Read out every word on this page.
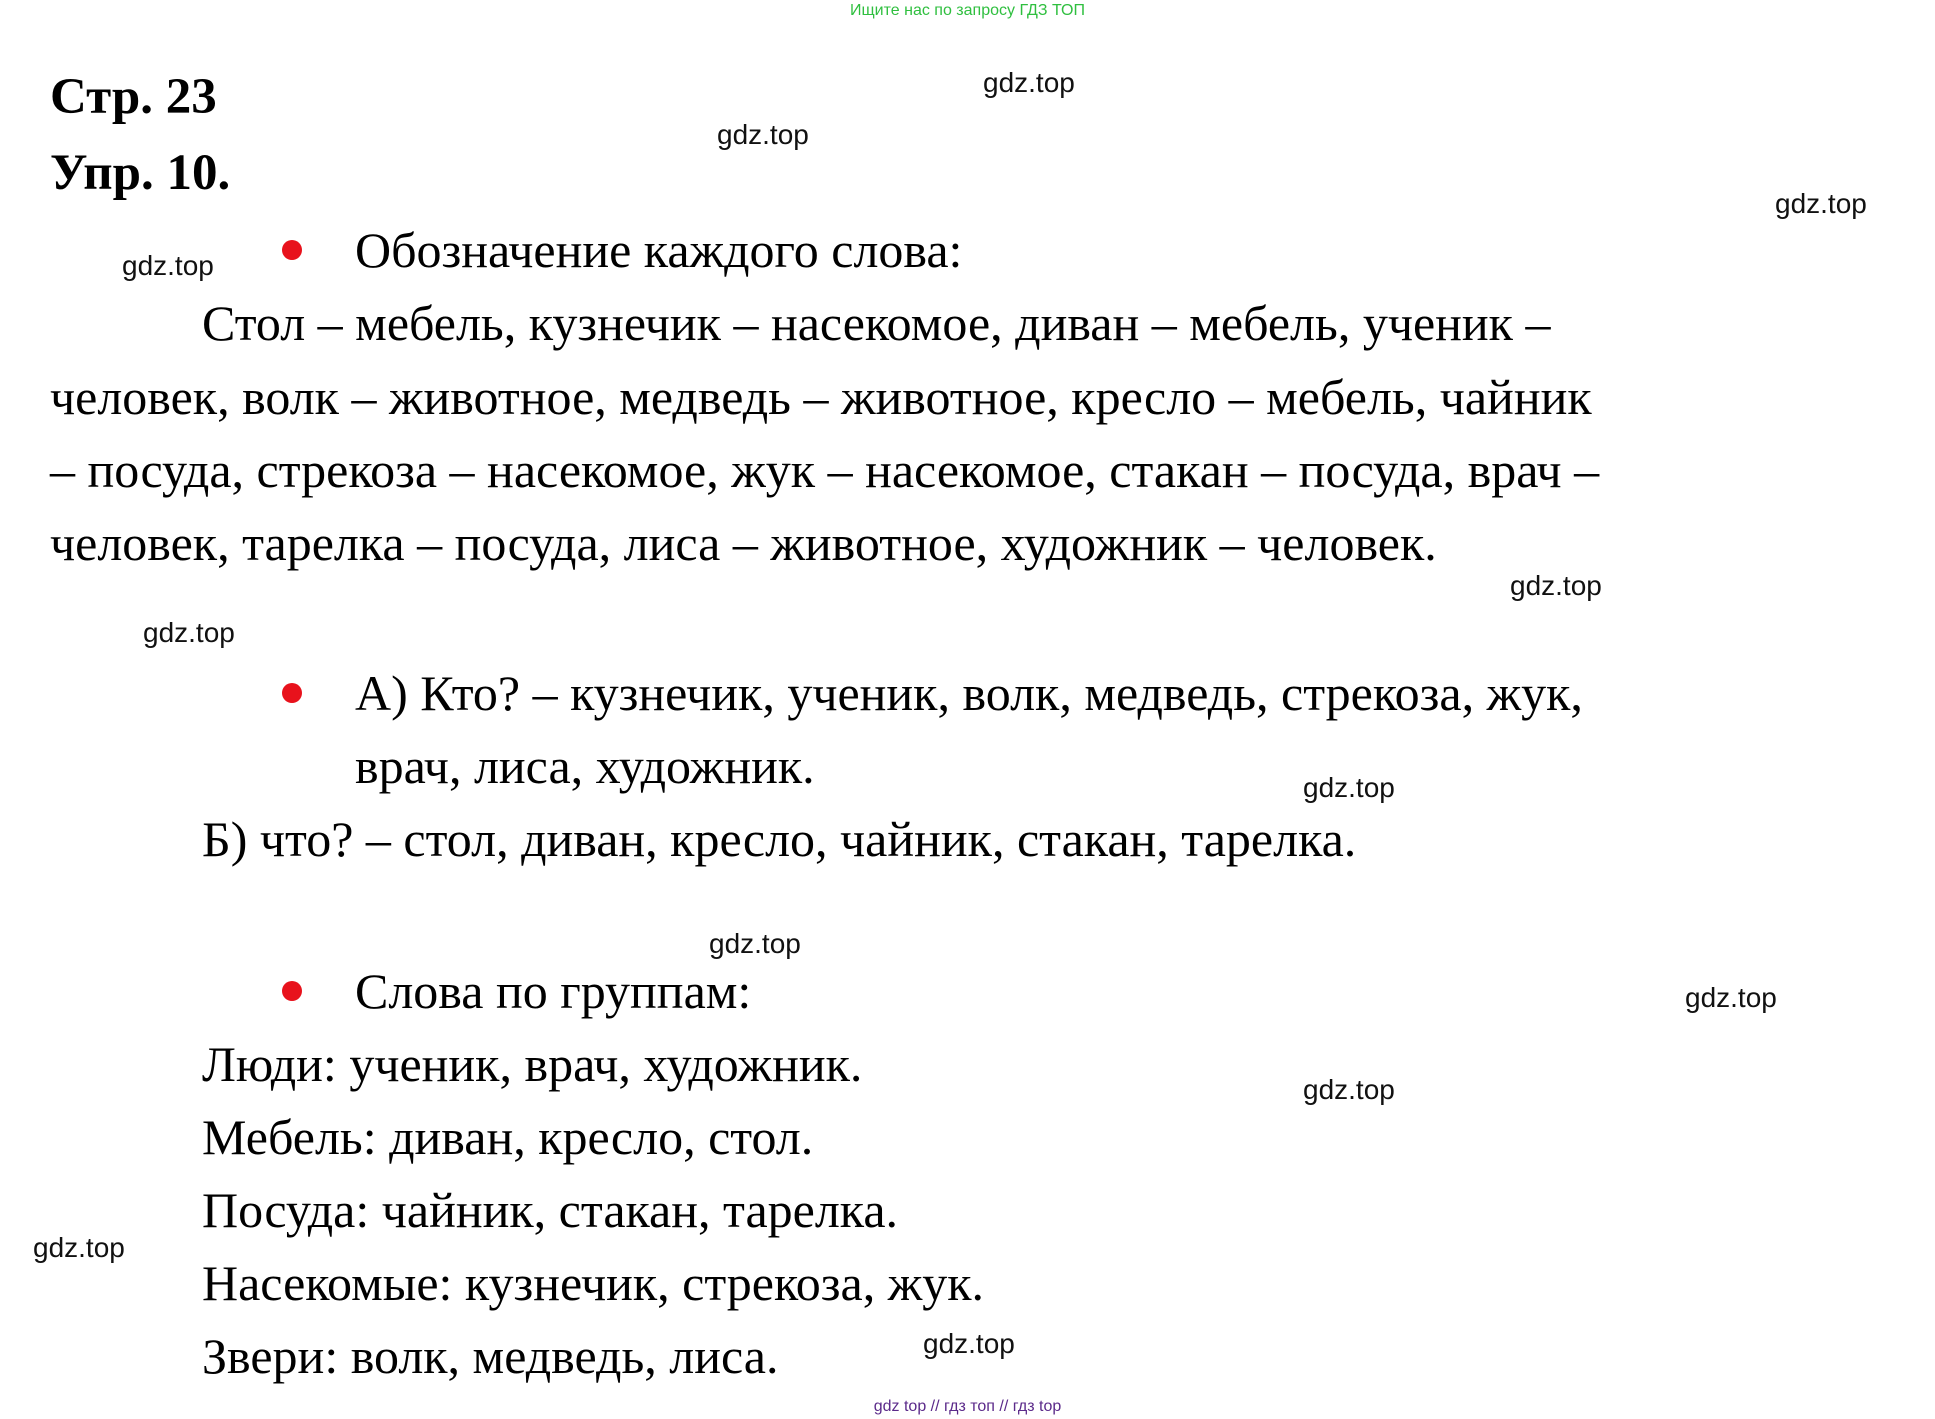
Ищите нас по запросу ГДЗ ТОП
Стр. 23
Упр. 10.
Обозначение каждого слова:
Стол – мебель, кузнечик – насекомое, диван – мебель, ученик –
человек, волк – животное, медведь – животное, кресло – мебель, чайник
– посуда, стрекоза – насекомое, жук – насекомое, стакан – посуда, врач –
человек, тарелка – посуда, лиса – животное, художник – человек.
А) Кто? – кузнечик, ученик, волк, медведь, стрекоза, жук,
врач, лиса, художник.
Б) что? – стол, диван, кресло, чайник, стакан, тарелка.
Слова по группам:
Люди: ученик, врач, художник.
Мебель: диван, кресло, стол.
Посуда: чайник, стакан, тарелка.
Насекомые: кузнечик, стрекоза, жук.
Звери: волк, медведь, лиса.
gdz.top
gdz.top
gdz.top
gdz.top
gdz.top
gdz.top
gdz.top
gdz.top
gdz.top
gdz.top
gdz.top
gdz.top
gdz top // гдз топ // гдз top
